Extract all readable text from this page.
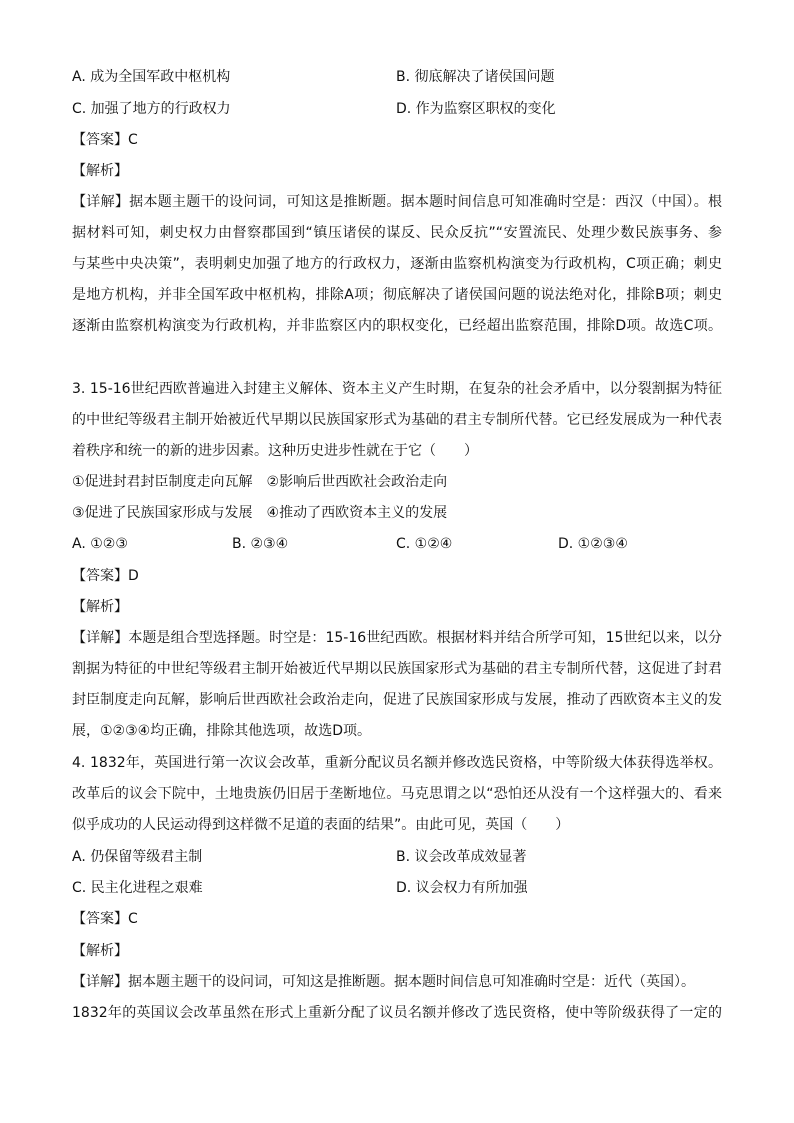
A. 成为全国军政中枢机构	B. 彻底解决了诸侯国问题
C. 加强了地方的行政权力	D. 作为监察区职权的变化
【答案】C
【解析】
【详解】据本题主题干的设问词，可知这是推断题。据本题时间信息可知准确时空是：西汉（中国）。根
据材料可知，刺史权力由督察郡国到“镇压诸侯的谋反、民众反抗”“安置流民、处理少数民族事务、参
与某些中央决策”，表明刺史加强了地方的行政权力，逐渐由监察机构演变为行政机构，C项正确；刺史
是地方机构，并非全国军政中枢机构，排除A项；彻底解决了诸侯国问题的说法绝对化，排除B项；刺史
逐渐由监察机构演变为行政机构，并非监察区内的职权变化，已经超出监察范围，排除D项。故选C项。
3. 15-16世纪西欧普遍进入封建主义解体、资本主义产生时期，在复杂的社会矛盾中，以分裂割据为特征
的中世纪等级君主制开始被近代早期以民族国家形式为基础的君主专制所代替。它已经发展成为一种代表
着秩序和统一的新的进步因素。这种历史进步性就在于它（　　）
①促进封君封臣制度走向瓦解　②影响后世西欧社会政治走向
③促进了民族国家形成与发展　④推动了西欧资本主义的发展
A. ①②③	B. ②③④	C. ①②④	D. ①②③④
【答案】D
【解析】
【详解】本题是组合型选择题。时空是：15-16世纪西欧。根据材料并结合所学可知，15世纪以来，以分
割据为特征的中世纪等级君主制开始被近代早期以民族国家形式为基础的君主专制所代替，这促进了封君
封臣制度走向瓦解，影响后世西欧社会政治走向，促进了民族国家形成与发展，推动了西欧资本主义的发
展，①②③④均正确，排除其他选项，故选D项。
4. 1832年，英国进行第一次议会改革，重新分配议员名额并修改选民资格，中等阶级大体获得选举权。
改革后的议会下院中，土地贵族仍旧居于垄断地位。马克思谓之以“恐怕还从没有一个这样强大的、看来
似乎成功的人民运动得到这样微不足道的表面的结果”。由此可见，英国（　　）
A. 仍保留等级君主制	B. 议会改革成效显著
C. 民主化进程之艰难	D. 议会权力有所加强
【答案】C
【解析】
【详解】据本题主题干的设问词，可知这是推断题。据本题时间信息可知准确时空是：近代（英国）。
1832年的英国议会改革虽然在形式上重新分配了议员名额并修改了选民资格，使中等阶级获得了一定的
